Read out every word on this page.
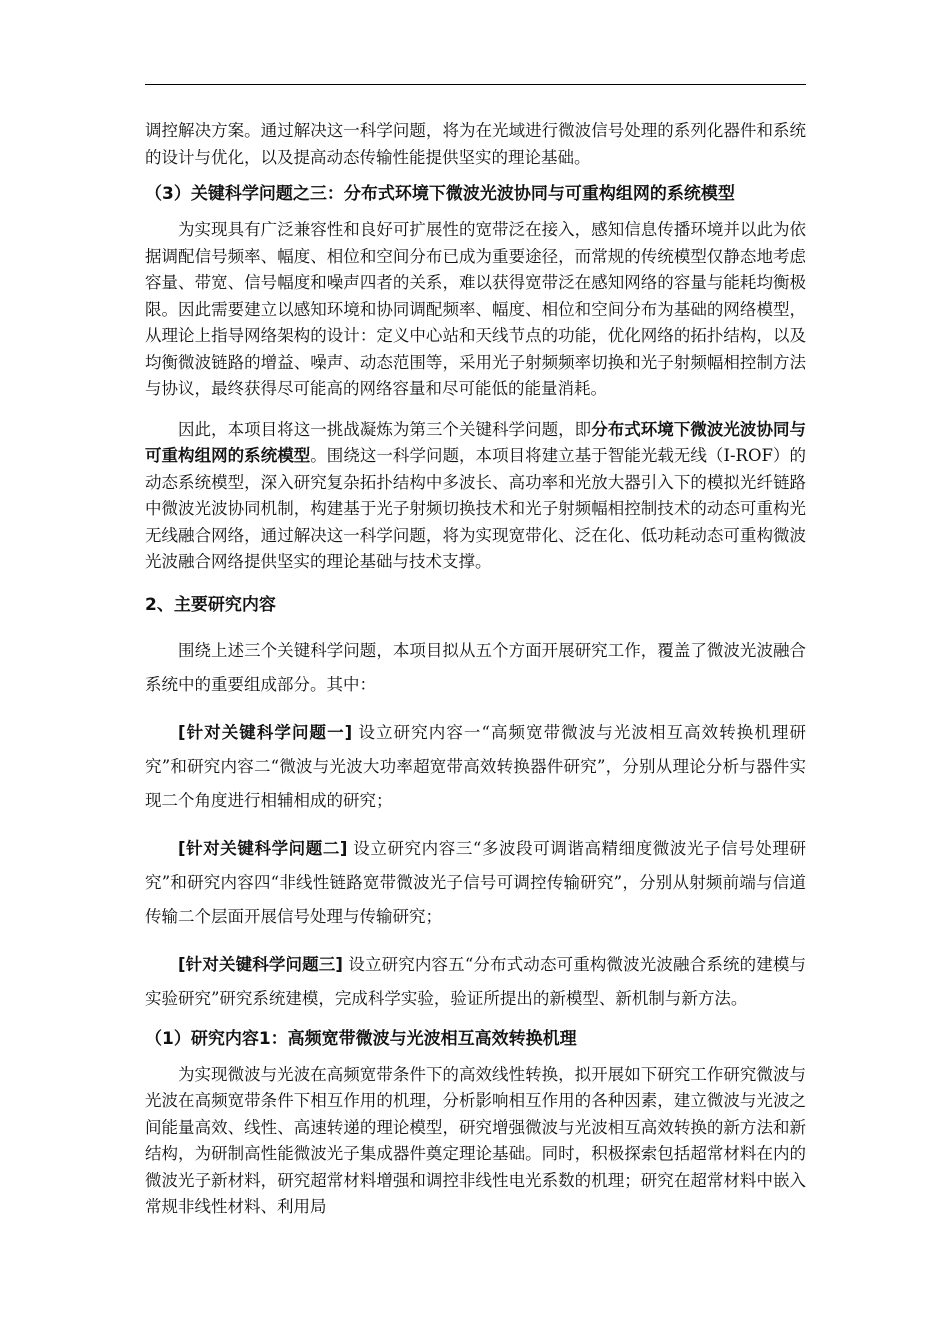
调控解决方案。通过解决这一科学问题，将为在光域进行微波信号处理的系列化器件和系统的设计与优化，以及提高动态传输性能提供坚实的理论基础。

（3）关键科学问题之三：分布式环境下微波光波协同与可重构组网的系统模型

为实现具有广泛兼容性和良好可扩展性的宽带泛在接入，感知信息传播环境并以此为依据调配信号频率、幅度、相位和空间分布已成为重要途径，而常规的传统模型仅静态地考虑容量、带宽、信号幅度和噪声四者的关系，难以获得宽带泛在感知网络的容量与能耗均衡极限。因此需要建立以感知环境和协同调配频率、幅度、相位和空间分布为基础的网络模型，从理论上指导网络架构的设计：定义中心站和天线节点的功能，优化网络的拓扑结构，以及均衡微波链路的增益、噪声、动态范围等，采用光子射频频率切换和光子射频幅相控制方法与协议，最终获得尽可能高的网络容量和尽可能低的能量消耗。

因此，本项目将这一挑战凝炼为第三个关键科学问题，即分布式环境下微波光波协同与可重构组网的系统模型。围绕这一科学问题，本项目将建立基于智能光载无线（I-ROF）的动态系统模型，深入研究复杂拓扑结构中多波长、高功率和光放大器引入下的模拟光纤链路中微波光波协同机制，构建基于光子射频切换技术和光子射频幅相控制技术的动态可重构光无线融合网络，通过解决这一科学问题，将为实现宽带化、泛在化、低功耗动态可重构微波光波融合网络提供坚实的理论基础与技术支撑。

2、主要研究内容

围绕上述三个关键科学问题，本项目拟从五个方面开展研究工作，覆盖了微波光波融合系统中的重要组成部分。其中：

[针对关键科学问题一] 设立研究内容一“高频宽带微波与光波相互高效转换机理研究”和研究内容二“微波与光波大功率超宽带高效转换器件研究”，分别从理论分析与器件实现二个角度进行相辅相成的研究；

[针对关键科学问题二] 设立研究内容三“多波段可调谐高精细度微波光子信号处理研究”和研究内容四“非线性链路宽带微波光子信号可调控传输研究”，分别从射频前端与信道传输二个层面开展信号处理与传输研究；

[针对关键科学问题三] 设立研究内容五“分布式动态可重构微波光波融合系统的建模与实验研究”研究系统建模，完成科学实验，验证所提出的新模型、新机制与新方法。

（1）研究内容1：高频宽带微波与光波相互高效转换机理

为实现微波与光波在高频宽带条件下的高效线性转换，拟开展如下研究工作研究微波与光波在高频宽带条件下相互作用的机理，分析影响相互作用的各种因素，建立微波与光波之间能量高效、线性、高速转递的理论模型，研究增强微波与光波相互高效转换的新方法和新结构，为研制高性能微波光子集成器件奠定理论基础。同时，积极探索包括超常材料在内的微波光子新材料，研究超常材料增强和调控非线性电光系数的机理；研究在超常材料中嵌入常规非线性材料、利用局
